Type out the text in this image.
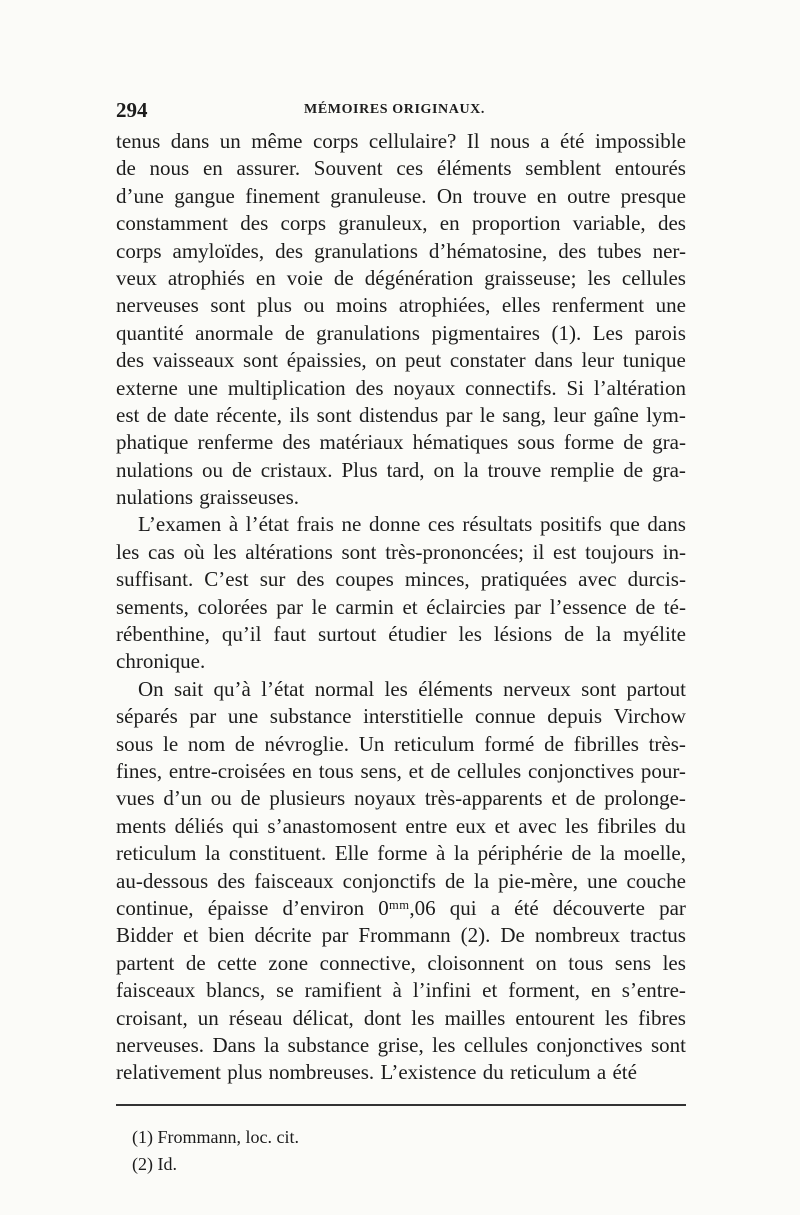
294	MÉMOIRES ORIGINAUX.
tenus dans un même corps cellulaire? Il nous a été impossible
de nous en assurer. Souvent ces éléments semblent entourés
d’une gangue finement granuleuse. On trouve en outre presque
constamment des corps granuleux, en proportion variable, des
corps amyloïdes, des granulations d’hématosine, des tubes ner-
veux atrophiés en voie de dégénération graisseuse; les cellules
nerveuses sont plus ou moins atrophiées, elles renferment une
quantité anormale de granulations pigmentaires (1). Les parois
des vaisseaux sont épaissies, on peut constater dans leur tunique
externe une multiplication des noyaux connectifs. Si l’altération
est de date récente, ils sont distendus par le sang, leur gaîne lym-
phatique renferme des matériaux hématiques sous forme de gra-
nulations ou de cristaux. Plus tard, on la trouve remplie de gra-
nulations graisseuses.
L’examen à l’état frais ne donne ces résultats positifs que dans
les cas où les altérations sont très-prononcées; il est toujours in-
suffisant. C’est sur des coupes minces, pratiquées avec durcis-
sements, colorées par le carmin et éclaircies par l’essence de té-
rébenthine, qu’il faut surtout étudier les lésions de la myélite
chronique.
On sait qu’à l’état normal les éléments nerveux sont partout
séparés par une substance interstitielle connue depuis Virchow
sous le nom de névroglie. Un reticulum formé de fibrilles très-
fines, entre-croisées en tous sens, et de cellules conjonctives pour-
vues d’un ou de plusieurs noyaux très-apparents et de prolonge-
ments déliés qui s’anastomosent entre eux et avec les fibriles du
reticulum la constituent. Elle forme à la périphérie de la moelle,
au-dessous des faisceaux conjonctifs de la pie-mère, une couche
continue, épaisse d’environ 0ᵐᵐ,06 qui a été découverte par
Bidder et bien décrite par Frommann (2). De nombreux tractus
partent de cette zone connective, cloisonnent on tous sens les
faisceaux blancs, se ramifient à l’infini et forment, en s’entre-
croisant, un réseau délicat, dont les mailles entourent les fibres
nerveuses. Dans la substance grise, les cellules conjonctives sont
relativement plus nombreuses. L’existence du reticulum a été
(1) Frommann, loc. cit.
(2) Id.
